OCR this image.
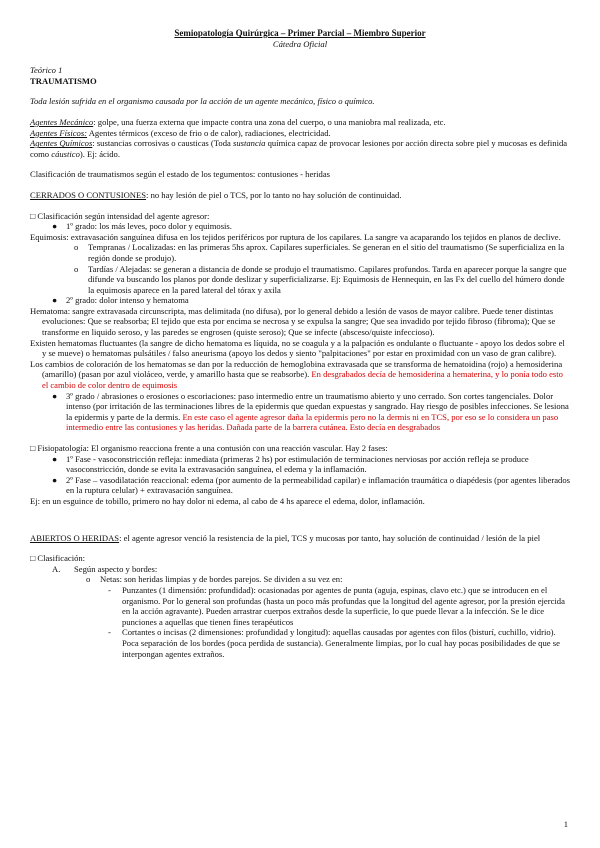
Semiopatología Quirúrgica – Primer Parcial – Miembro Superior

Cátedra Oficial

Teórico 1

TRAUMATISMO

Toda lesión sufrida en el organismo causada por la acción de un agente mecánico, físico o químico.

Agentes Mecánico: golpe, una fuerza externa que impacte contra una zona del cuerpo, o una maniobra mal realizada, etc.

Agentes Físicos: Agentes térmicos (exceso de frio o de calor), radiaciones, electricidad.

Agentes Químicos: sustancias corrosivas o causticas (Toda sustancia química capaz de provocar lesiones por acción directa sobre piel y mucosas es definida como cáustico). Ej: ácido.

Clasificación de traumatismos según el estado de los tegumentos: contusiones - heridas

CERRADOS O CONTUSIONES: no hay lesión de piel o TCS, por lo tanto no hay solución de continuidad.

□ Clasificación según intensidad del agente agresor:

● 1º grado: los más leves, poco dolor y equimosis.

Equimosis: extravasación sanguínea difusa en los tejidos periféricos por ruptura de los capilares. La sangre va acaparando los tejidos en planos de declive.

o Tempranas / Localizadas: en las primeras 5hs aprox. Capilares superficiales. Se generan en el sitio del traumatismo (Se superficializa en la región donde se produjo).
o Tardías / Alejadas: se generan a distancia de donde se produjo el traumatismo. Capilares profundos. Tarda en aparecer porque la sangre que difunde va buscando los planos por donde deslizar y superficializarse. Ej: Equimosis de Hennequin, en las Fx del cuello del húmero donde la equimosis aparece en la pared lateral del tórax y axila
● 2º grado: dolor intenso y hematoma

Hematoma: sangre extravasada circunscripta, mas delimitada (no difusa), por lo general debido a lesión de vasos de mayor calibre. Puede tener distintas evoluciones: Que se reabsorba; El tejido que esta por encima se necrosa y se expulsa la sangre; Que sea invadido por tejido fibroso (fibroma); Que se transforme en liquido seroso, y las paredes se engrosen (quiste seroso); Que se infecte (absceso/quiste infeccioso).

Existen hematomas fluctuantes (la sangre de dicho hematoma es líquida, no se coagula y a la palpación es ondulante o fluctuante - apoyo los dedos sobre el y se mueve) o hematomas pulsátiles / falso aneurisma (apoyo los dedos y siento "palpitaciones" por estar en proximidad con un vaso de gran calibre).

Los cambios de coloración de los hematomas se dan por la reducción de hemoglobina extravasada que se transforma de hematoidina (rojo) a hemosiderina (amarillo) (pasan por azul violáceo, verde, y amarillo hasta que se reabsorbe). En desgrabados decía de hemosiderina a hematerina, y lo ponía todo esto el cambio de color dentro de equimosis

● 3º grado / abrasiones o erosiones o escoriaciones: paso intermedio entre un traumatismo abierto y uno cerrado. Son cortes tangenciales. Dolor intenso (por irritación de las terminaciones libres de la epidermis que quedan expuestas y sangrado. Hay riesgo de posibles infecciones. Se lesiona la epidermis y parte de la dermis. En este caso el agente agresor daña la epidermis pero no la dermis ni en TCS, por eso se lo considera un paso intermedio entre las contusiones y las heridas. Dañada parte de la barrera cutánea. Esto decía en desgrabados

□ Fisiopatología: El organismo reacciona frente a una contusión con una reacción vascular. Hay 2 fases:

● 1º Fase - vasoconstricción refleja: inmediata (primeras 2 hs) por estimulación de terminaciones nerviosas por acción refleja se produce vasoconstricción, donde se evita la extravasación sanguínea, el edema y la inflamación.
● 2º Fase – vasodilatación reaccional: edema (por aumento de la permeabilidad capilar) e inflamación traumática o diapédesis (por agentes liberados en la ruptura celular) + extravasación sanguínea.

Ej: en un esguince de tobillo, primero no hay dolor ni edema, al cabo de 4 hs aparece el edema, dolor, inflamación.

ABIERTOS O HERIDAS: el agente agresor venció la resistencia de la piel, TCS y mucosas por tanto, hay solución de continuidad / lesión de la piel

□ Clasificación:

A. Según aspecto y bordes:
o Netas: son heridas limpias y de bordes parejos. Se dividen a su vez en:
- Punzantes (1 dimensión: profundidad): ocasionadas por agentes de punta (aguja, espinas, clavo etc.) que se introducen en el organismo. Por lo general son profundas (hasta un poco más profundas que la longitud del agente agresor, por la presión ejercida en la acción agravante). Pueden arrastrar cuerpos extraños desde la superficie, lo que puede llevar a la infección. Se le dice punciones a aquellas que tienen fines terapéuticos
- Cortantes o incisas (2 dimensiones: profundidad y longitud): aquellas causadas por agentes con filos (bisturí, cuchillo, vidrio). Poca separación de los bordes (poca perdida de sustancia). Generalmente limpias, por lo cual hay pocas posibilidades de que se interpongan agentes extraños.
1
